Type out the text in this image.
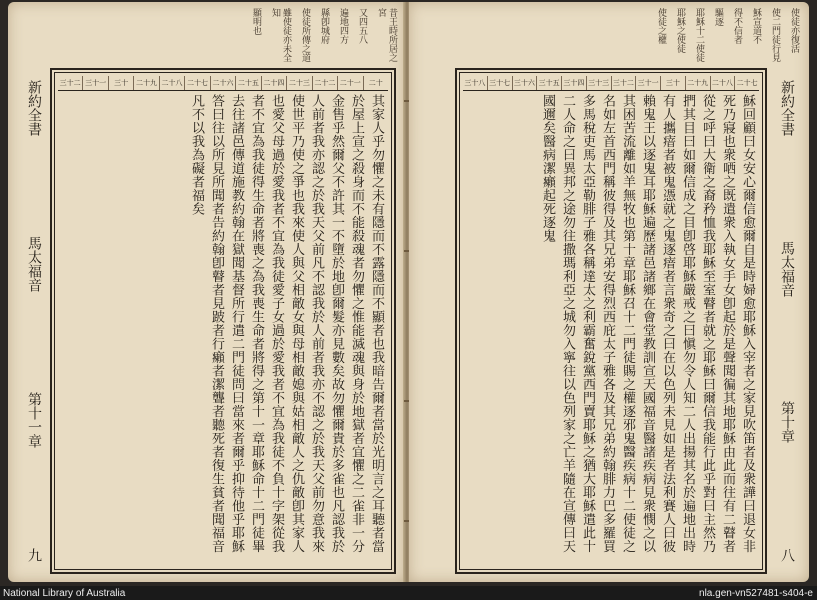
昔王時所居之宮
又四五八
遍地四方
縣卽城府
使徒所傳之道
雖使徒亦未全知
顯明也
新約全書
馬太福音
第十一章
九
二十
二十一
二十二
二十三
二十四
二十五
二十六
二十七
二十八
二十九
三十
三十一
三十二
其家人乎勿懼之未有隱而不露隱而不顯者也我暗告爾者當於光明言之耳聽者當於屋上宣之殺身而不能殺魂者勿懼之惟能滅魂與身於地獄者宜懼之二雀非一分金售乎然爾父不許其一不墮於地卽爾髮亦見數矣故勿懼爾貴於多雀也凡認我於人前者我亦認之於我天父前凡不認我於人前者我亦不認之於我天父前勿意我來使世平乃使之爭也我來使人與父相敵女與母相敵媳與姑相敵人之仇敵卽其家人也愛父母過於愛我者不宜為我徒愛子女過於愛我者不宜為我徒不負十字架從我者不宜為我徒得生命者將喪之為我喪生命者將得之第十一章耶穌命十二門徒畢去往諸邑傳道施教約翰在獄聞基督所行遣二門徒問曰當來者爾乎抑待他乎耶穌答曰往以所見所聞者告約翰卽瞽者見跛者行癩者潔聾者聽死者復生貧者聞福音凡不以我為礙者福矣
使徒亦復活
使二門徒行見
穌宣道不
得不信者
驅逐
耶穌十二使徒
耶穌之使徒
使徒之權
二十七
二十八
二十九
三十
三十一
三十二
三十三
三十四
三十五
三十六
三十七
三十八
穌回顧曰女安心爾信愈爾自是時婦愈耶穌入宰者之家見吹笛者及衆譁曰退女非死乃寢也衆哂之既遣衆入執女手女卽起於是聲聞徧其地耶穌由此而往有二瞽者從之呼曰大衛之裔矜恤我耶穌至室瞽者就之耶穌曰爾信我能行此乎對曰主然乃捫其目曰如爾信成之目卽啓耶穌嚴戒之曰愼勿令人知二人出揚其名於遍地出時有人攜瘖者被鬼憑就之鬼逐瘖者言衆奇之曰在以色列未見如是者法利賽人曰彼賴鬼王以逐鬼耳耶穌遍歷諸邑諸鄉在會堂教訓宣天國福音醫諸疾病見衆憫之以其困苦流離如羊無牧也第十章耶穌召十二門徒賜之權逐邪鬼醫疾病十二使徒之名如左首西門稱彼得及其兄弟安得烈西庇太子雅各及其兄弟約翰腓力巴多羅買多馬稅吏馬太亞勒腓子雅各稱達太之利霸奮銳黨西門賣耶穌之猶大耶穌遣此十二人命之曰異邦之途勿往撒瑪利亞之城勿入寧往以色列家之亡羊隨在宣傳曰天國邇矣醫病潔癩起死逐鬼	新約全書
馬太福音
第十章
八
National Library of Australia	nla.gen-vn527481-s404-e
